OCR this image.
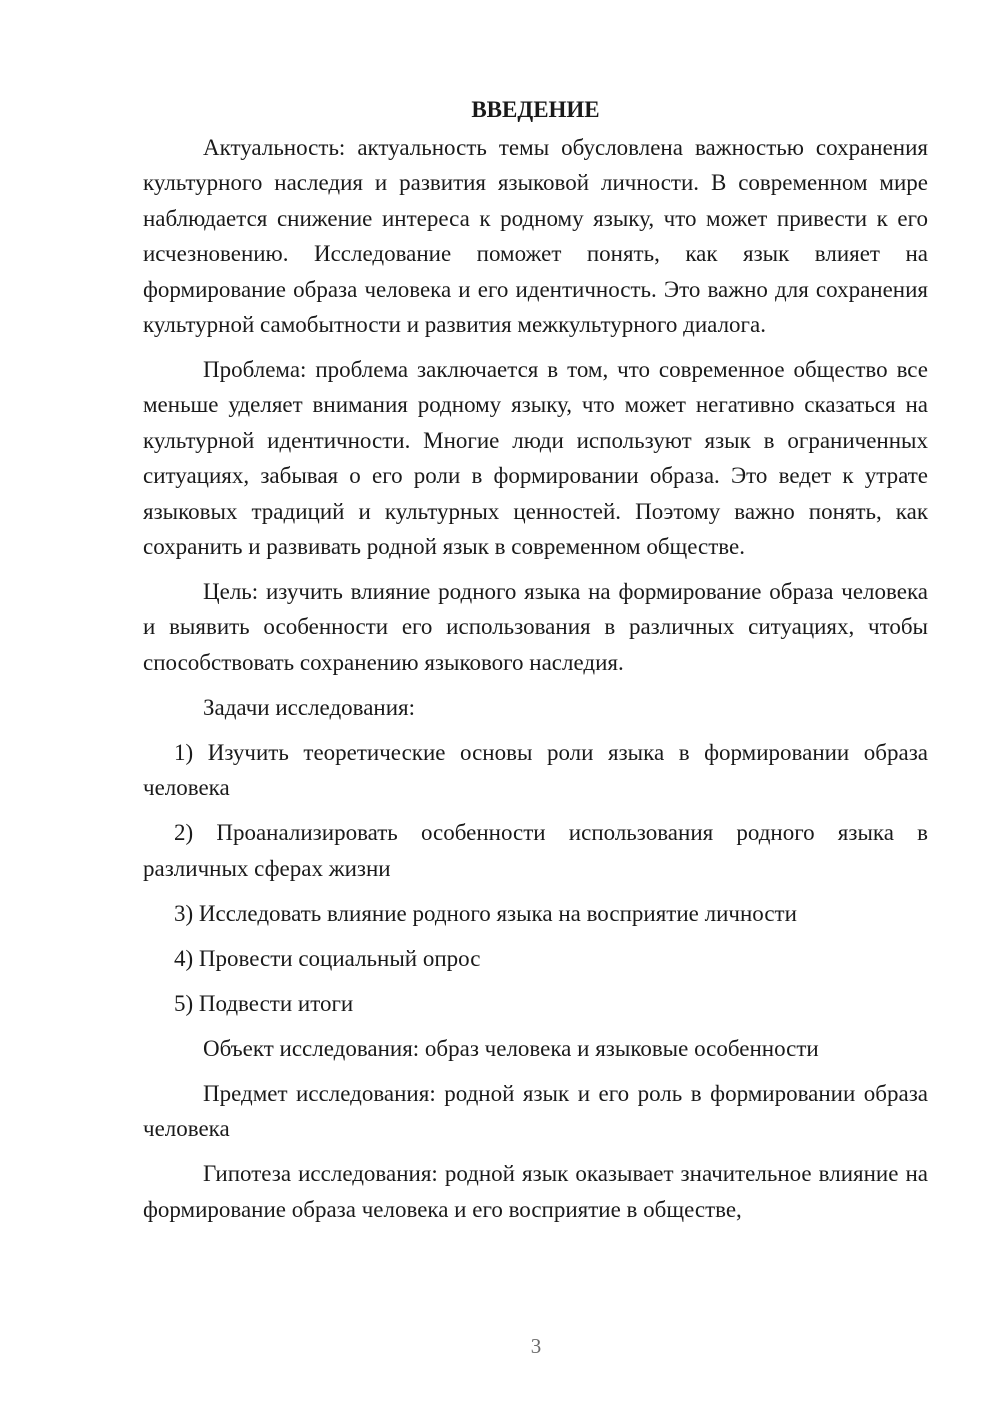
ВВЕДЕНИЕ

Актуальность: актуальность темы обусловлена важностью сохранения культурного наследия и развития языковой личности. В современном мире наблюдается снижение интереса к родному языку, что может привести к его исчезновению. Исследование поможет понять, как язык влияет на формирование образа человека и его идентичность. Это важно для сохранения культурной самобытности и развития межкультурного диалога.

Проблема: проблема заключается в том, что современное общество все меньше уделяет внимания родному языку, что может негативно сказаться на культурной идентичности. Многие люди используют язык в ограниченных ситуациях, забывая о его роли в формировании образа. Это ведет к утрате языковых традиций и культурных ценностей. Поэтому важно понять, как сохранить и развивать родной язык в современном обществе.

Цель: изучить влияние родного языка на формирование образа человека и выявить особенности его использования в различных ситуациях, чтобы способствовать сохранению языкового наследия.

Задачи исследования:

1) Изучить теоретические основы роли языка в формировании образа человека

2) Проанализировать особенности использования родного языка в различных сферах жизни

3) Исследовать влияние родного языка на восприятие личности

4) Провести социальный опрос

5) Подвести итоги

Объект исследования: образ человека и языковые особенности

Предмет исследования: родной язык и его роль в формировании образа человека

Гипотеза исследования: родной язык оказывает значительное влияние на формирование образа человека и его восприятие в обществе,

3
